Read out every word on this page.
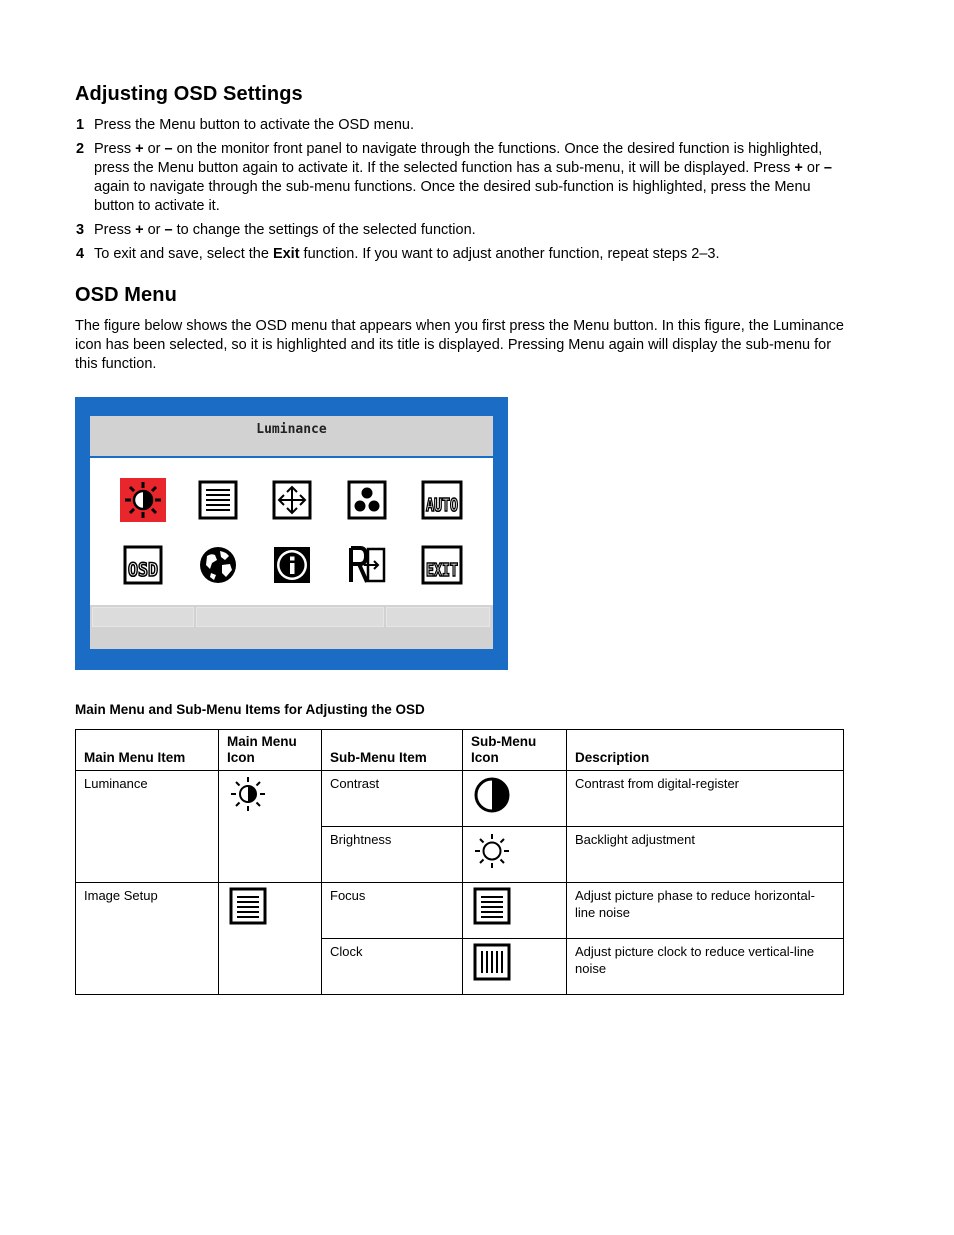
Adjusting OSD Settings
1 Press the Menu button to activate the OSD menu.
2 Press + or – on the monitor front panel to navigate through the functions. Once the desired function is highlighted, press the Menu button again to activate it. If the selected function has a sub-menu, it will be displayed. Press + or – again to navigate through the sub-menu functions. Once the desired sub-function is highlighted, press the Menu button to activate it.
3 Press + or – to change the settings of the selected function.
4 To exit and save, select the Exit function. If you want to adjust another function, repeat steps 2–3.
OSD Menu

The figure below shows the OSD menu that appears when you first press the Menu button. In this figure, the Luminance icon has been selected, so it is highlighted and its title is displayed. Pressing Menu again will display the sub-menu for this function.

Luminance
AUTO
OSD	EXIT

Main Menu and Sub-Menu Items for Adjusting the OSD

Main Menu Item	Main Menu Icon	Sub-Menu Item	Sub-Menu Icon	Description
Luminance		Contrast		Contrast from digital-register
		Brightness		Backlight adjustment
Image Setup		Focus		Adjust picture phase to reduce horizontal-line noise
		Clock		Adjust picture clock to reduce vertical-line noise
